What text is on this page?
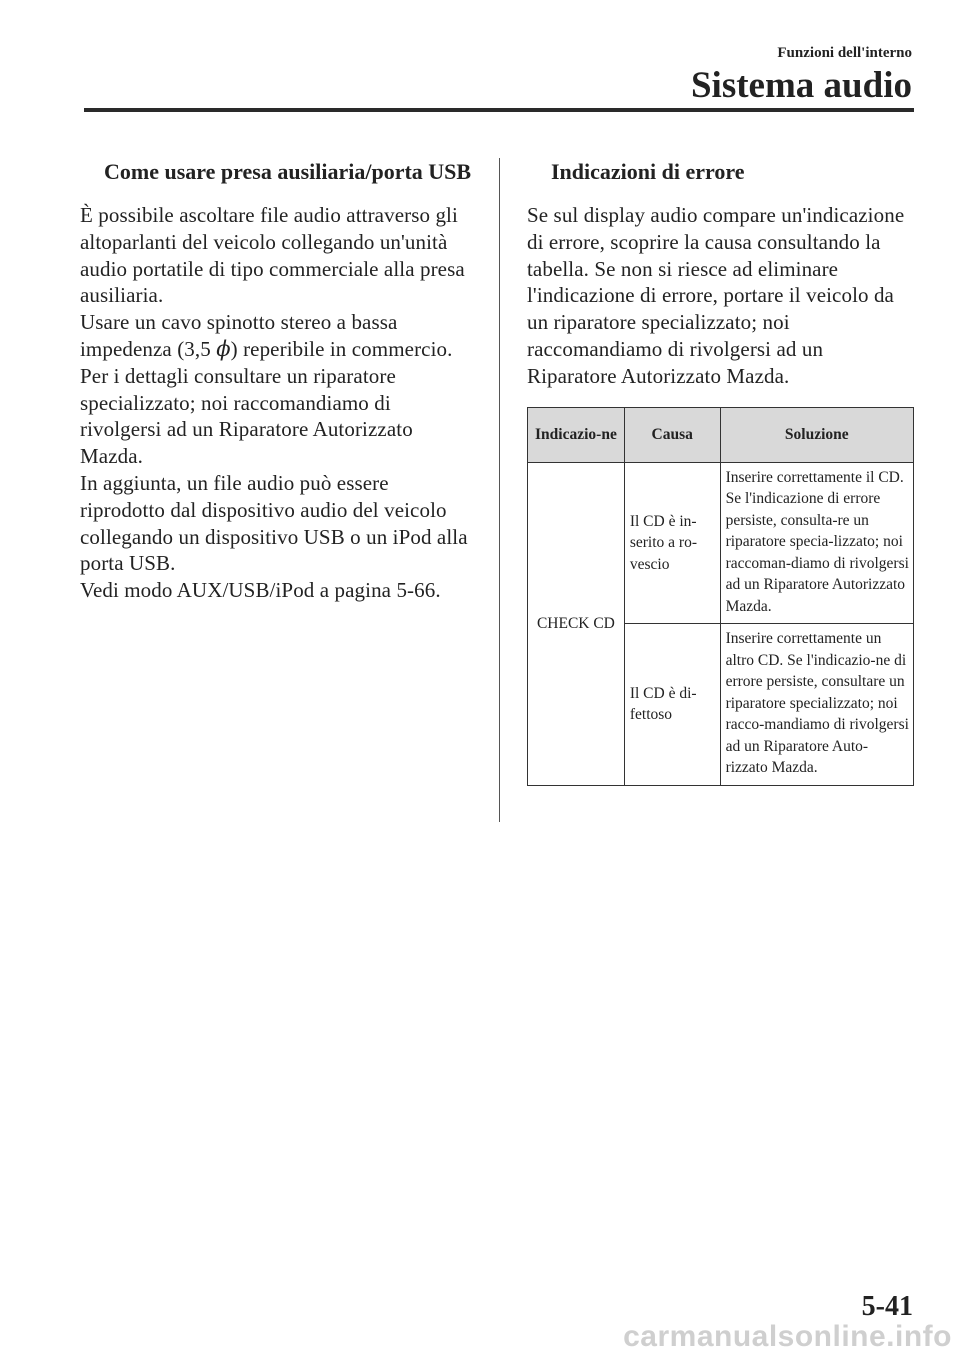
Funzioni dell'interno
Sistema audio
Come usare presa ausiliaria/porta USB

È possibile ascoltare file audio attraverso gli altoparlanti del veicolo collegando un'unità audio portatile di tipo commerciale alla presa ausiliaria.

Usare un cavo spinotto stereo a bassa impedenza (3,5 ϕ) reperibile in commercio. Per i dettagli consultare un riparatore specializzato; noi raccomandiamo di rivolgersi ad un Riparatore Autorizzato Mazda.

In aggiunta, un file audio può essere riprodotto dal dispositivo audio del veicolo collegando un dispositivo USB o un iPod alla porta USB.

Vedi modo AUX/USB/iPod a pagina 5-66.

Indicazioni di errore

Se sul display audio compare un'indicazione di errore, scoprire la causa consultando la tabella. Se non si riesce ad eliminare l'indicazione di errore, portare il veicolo da un riparatore specializzato; noi raccomandiamo di rivolgersi ad un Riparatore Autorizzato Mazda.

Indicazio-ne	Causa	Soluzione
CHECK CD	Il CD è in-serito a ro-vescio	Inserire correttamente il CD. Se l'indicazione di errore persiste, consulta-re un riparatore specia-lizzato; noi raccoman-diamo di rivolgersi ad un Riparatore Autorizzato Mazda.
	Il CD è di-fettoso	Inserire correttamente un altro CD. Se l'indicazio-ne di errore persiste, consultare un riparatore specializzato; noi racco-mandiamo di rivolgersi ad un Riparatore Auto-rizzato Mazda.
5-41
carmanualsonline.info
